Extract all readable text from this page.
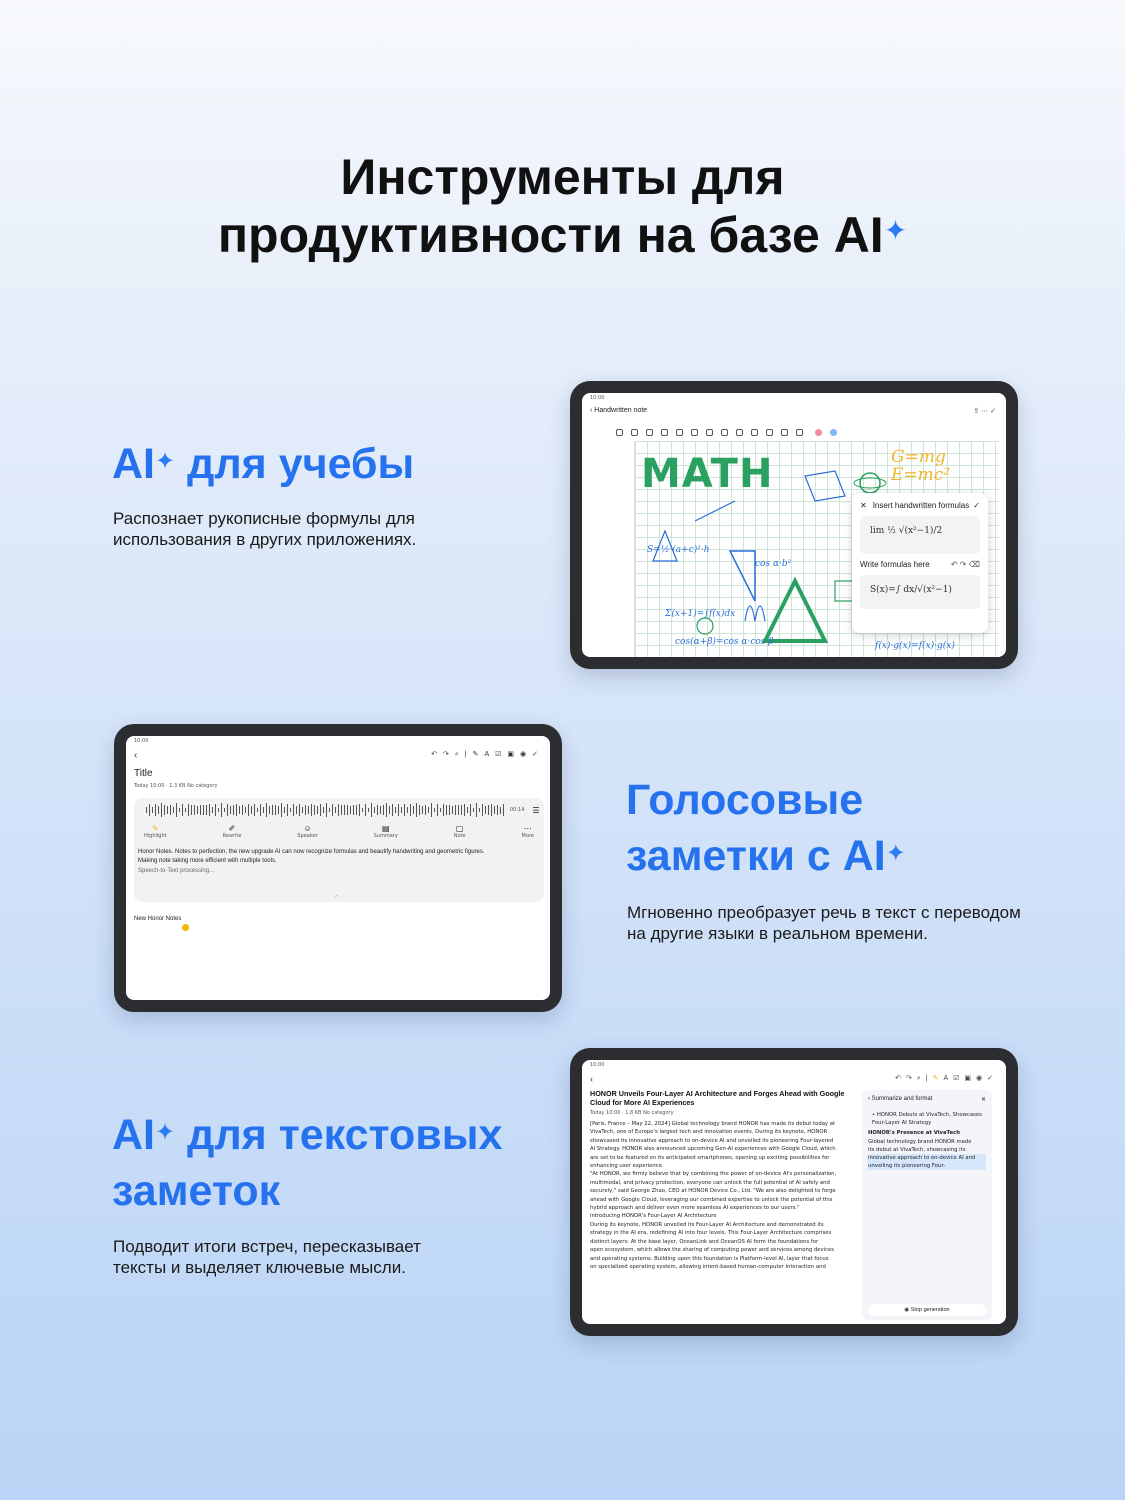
Инструменты для
продуктивности на базе AI✦
AI✦ для учебы
Распознает рукописные формулы для
использования в других приложениях.
10:00
‹ Handwritten note	⇪ ⋯ ✓

MATH	G=mg
E=mc²
S=½·(a+c)²·h
cos α·b²
Σ(x+1)=∫f(x)dx
cos(α+β)=cos α·cos β	f(x)·g(x)=f(x)·g(x)
✕ Insert handwritten formulas ✓
lim ½ √(x²−1)/2
Write formulas here	↶ ↷ ⌫
S(x)=∫ dx/√(x²−1)
10:00
‹	↶↷⌕|✎A☑▣◉✓
Title
Today 10:00 · 1.3 KB No category
00:14 ☰
✎
Highlight
✐
Rewrite
☺
Speaker
▤
Summary
▢
Note
⋯
More
Honor Notes. Notes to perfection, the new upgrade AI can now recognize formulas and beautify handwriting and geometric figures.
Making note taking more efficient with multiple tools.
Speech-to-Text processing...
︿
New Honor Notes
Голосовые
заметки с AI✦
Мгновенно преобразует речь в текст с переводом
на другие языки в реальном времени.
AI✦ для текстовых
заметок
Подводит итоги встреч, пересказывает
тексты и выделяет ключевые мысли.
10:00
‹	↶↷⌕|✎A☑▣◉✓
HONOR Unveils Four-Layer AI Architecture and Forges Ahead with Google Cloud for More AI Experiences
Today 10:00 · 1.8 KB No category
[Paris, France – May 22, 2024] Global technology brand HONOR has made its debut today at
VivaTech, one of Europe's largest tech and innovation events. During its keynote, HONOR
showcased its innovative approach to on-device AI and unveiled its pioneering Four-layered
AI Strategy. HONOR also announced upcoming Gen-AI experiences with Google Cloud, which
are set to be featured on its anticipated smartphones, opening up exciting possibilities for
enhancing user experience.
"At HONOR, we firmly believe that by combining the power of on-device AI's personalization,
multimodal, and privacy protection, everyone can unlock the full potential of AI safely and
securely," said George Zhao, CEO at HONOR Device Co., Ltd. "We are also delighted to forge
ahead with Google Cloud, leveraging our combined expertise to unlock the potential of this
hybrid approach and deliver even more seamless AI experiences to our users."
Introducing HONOR's Four-Layer AI Architecture
During its keynote, HONOR unveiled its Four-Layer AI Architecture and demonstrated its
strategy in the AI era, redefining AI into four levels. This Four-Layer Architecture comprises
distinct layers: At the base layer, OceanLink and OceanOS AI form the foundations for
open ecosystem, which allows the sharing of computing power and services among devices
and operating systems. Building upon this foundation is Platform-level AI, layer that focus
on specialized operating system, allowing intent-based human-computer interaction and
‹ Summarize and format	✕
• HONOR Debuts at VivaTech, Showcases Four-Layer AI Strategy
HONOR's Presence at VivaTech
Global technology brand HONOR made
its debut at VivaTech, showcasing its
innovative approach to on-device AI and
unveiling its pioneering Four-
◉ Stop generation
